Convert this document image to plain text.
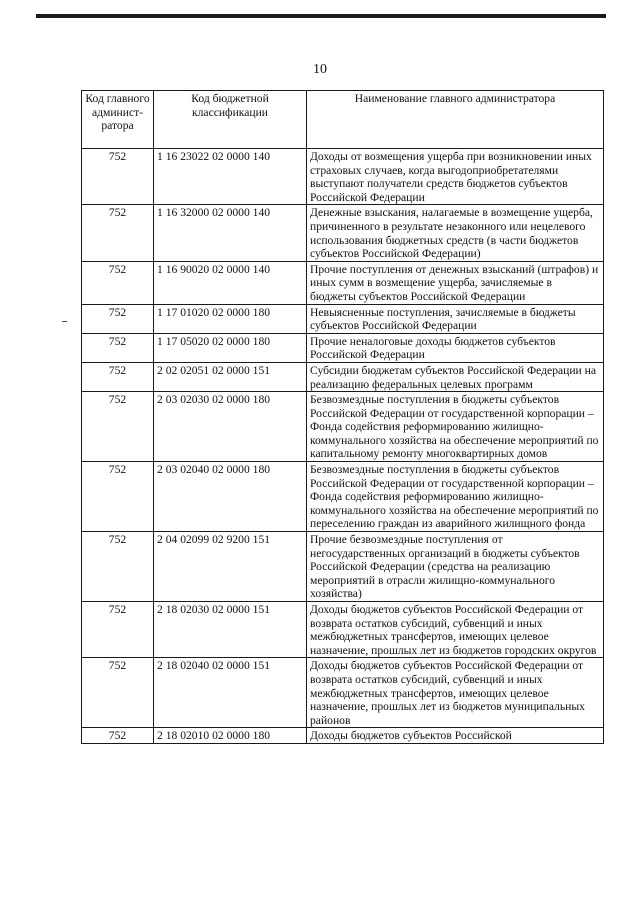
10
Код главного админист-ратора	Код бюджетной классификации	Наименование главного администратора
752	1 16 23022 02 0000 140	Доходы от возмещения ущерба при возникновении иных страховых случаев, когда выгодоприобретателями выступают получатели средств бюджетов субъектов Российской Федерации
752	1 16 32000 02 0000 140	Денежные взыскания, налагаемые в возмещение ущерба, причиненного в результате незаконного или нецелевого использования бюджетных средств (в части бюджетов субъектов Российской Федерации)
752	1 16 90020 02 0000 140	Прочие поступления от денежных взысканий (штрафов) и иных сумм в возмещение ущерба, зачисляемые в бюджеты субъектов Российской Федерации
752	1 17 01020 02 0000 180	Невыясненные поступления, зачисляемые в бюджеты субъектов Российской Федерации
752	1 17 05020 02 0000 180	Прочие неналоговые доходы бюджетов субъектов Российской Федерации
752	2 02 02051 02 0000 151	Субсидии бюджетам субъектов Российской Федерации на реализацию федеральных целевых программ
752	2 03 02030 02 0000 180	Безвозмездные поступления в бюджеты субъектов Российской Федерации от государственной корпорации – Фонда содействия реформированию жилищно-коммунального хозяйства на обеспечение мероприятий по капитальному ремонту многоквартирных домов
752	2 03 02040 02 0000 180	Безвозмездные поступления в бюджеты субъектов Российской Федерации от государственной корпорации – Фонда содействия реформированию жилищно-коммунального хозяйства на обеспечение мероприятий по переселению граждан из аварийного жилищного фонда
752	2 04 02099 02 9200 151	Прочие безвозмездные поступления от негосударственных организаций в бюджеты субъектов Российской Федерации (средства на реализацию мероприятий в отрасли жилищно-коммунального хозяйства)
752	2 18 02030 02 0000 151	Доходы бюджетов субъектов Российской Федерации от возврата остатков субсидий, субвенций и иных межбюджетных трансфертов, имеющих целевое назначение, прошлых лет из бюджетов городских округов
752	2 18 02040 02 0000 151	Доходы бюджетов субъектов Российской Федерации от возврата остатков субсидий, субвенций и иных межбюджетных трансфертов, имеющих целевое назначение, прошлых лет из бюджетов муниципальных районов
752	2 18 02010 02 0000 180	Доходы бюджетов субъектов Российской
